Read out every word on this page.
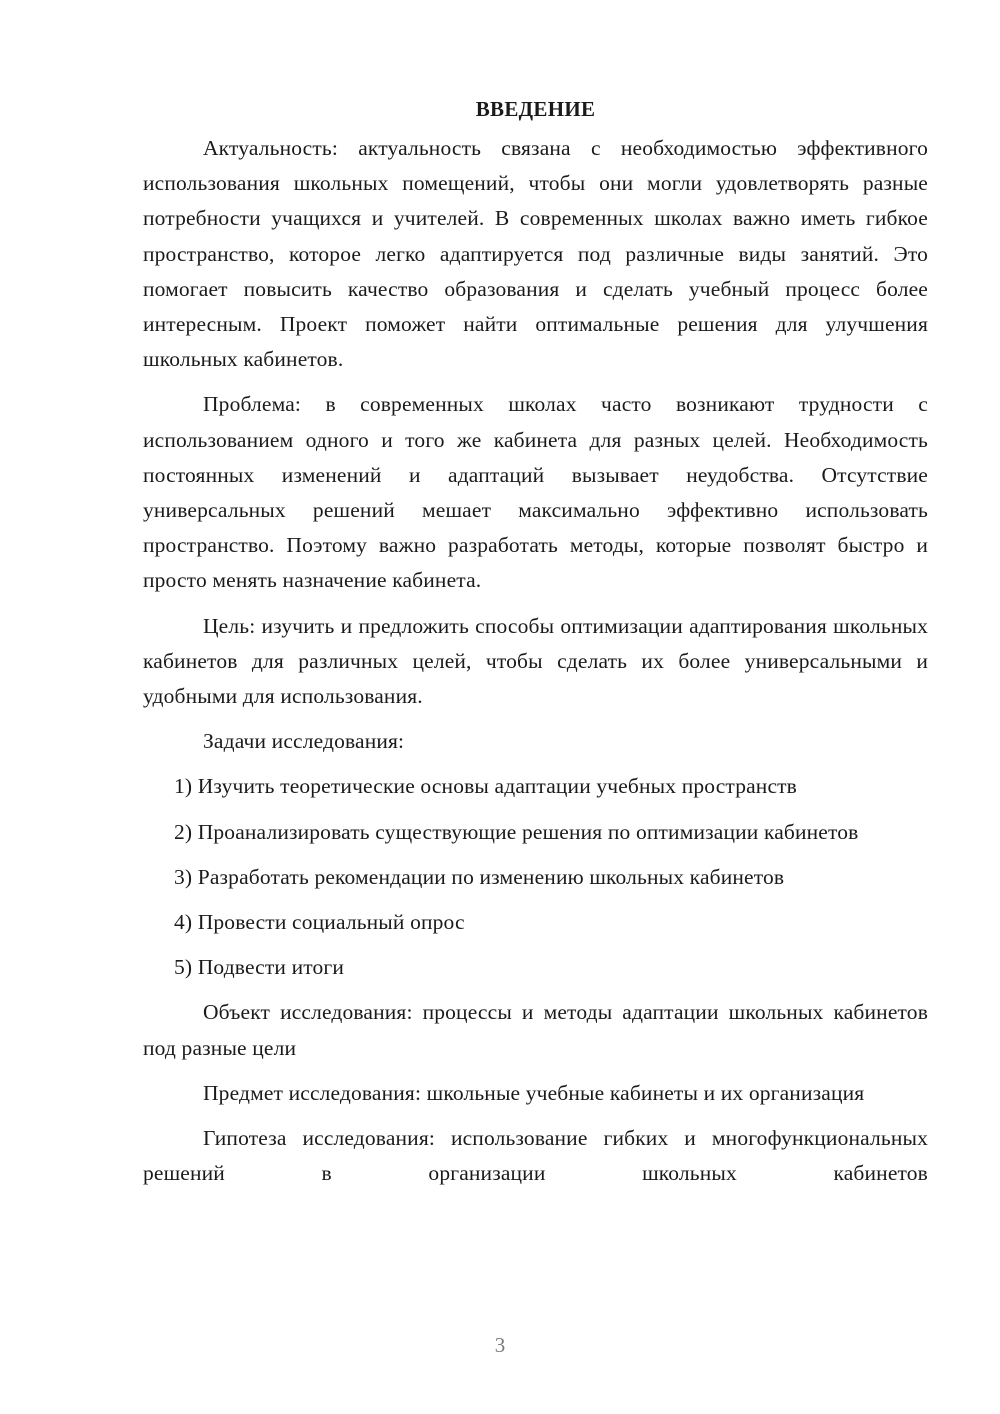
ВВЕДЕНИЕ

Актуальность: актуальность связана с необходимостью эффективного использования школьных помещений, чтобы они могли удовлетворять разные потребности учащихся и учителей. В современных школах важно иметь гибкое пространство, которое легко адаптируется под различные виды занятий. Это помогает повысить качество образования и сделать учебный процесс более интересным. Проект поможет найти оптимальные решения для улучшения школьных кабинетов.

Проблема: в современных школах часто возникают трудности с использованием одного и того же кабинета для разных целей. Необходимость постоянных изменений и адаптаций вызывает неудобства. Отсутствие универсальных решений мешает максимально эффективно использовать пространство. Поэтому важно разработать методы, которые позволят быстро и просто менять назначение кабинета.

Цель: изучить и предложить способы оптимизации адаптирования школьных кабинетов для различных целей, чтобы сделать их более универсальными и удобными для использования.

Задачи исследования:

1) Изучить теоретические основы адаптации учебных пространств

2) Проанализировать существующие решения по оптимизации кабинетов

3) Разработать рекомендации по изменению школьных кабинетов

4) Провести социальный опрос

5) Подвести итоги

Объект исследования: процессы и методы адаптации школьных кабинетов под разные цели

Предмет исследования: школьные учебные кабинеты и их организация

Гипотеза исследования: использование гибких и многофункциональных решений в организации школьных кабинетов

3
